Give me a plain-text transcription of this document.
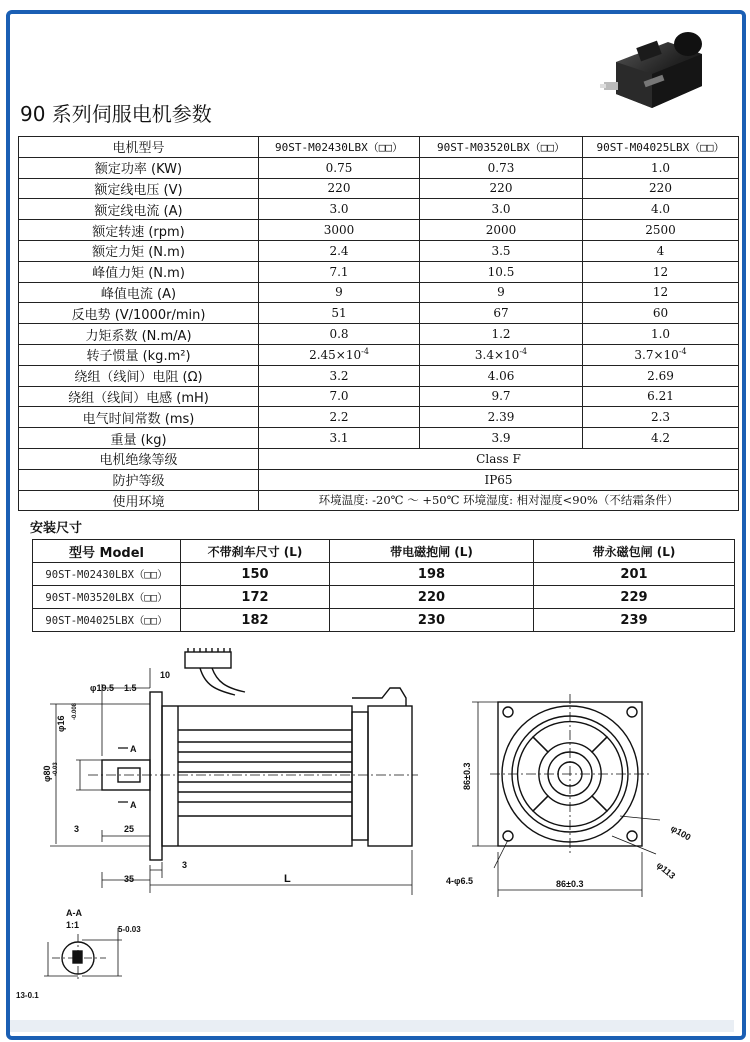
90 系列伺服电机参数
电机型号	90ST-M02430LBX（□□）	90ST-M03520LBX（□□）	90ST-M04025LBX（□□）
额定功率 (KW)	0.75	0.73	1.0
额定线电压 (V)	220	220	220
额定线电流 (A)	3.0	3.0	4.0
额定转速 (rpm)	3000	2000	2500
额定力矩 (N.m)	2.4	3.5	4
峰值力矩 (N.m)	7.1	10.5	12
峰值电流 (A)	9	9	12
反电势 (V/1000r/min)	51	67	60
力矩系数 (N.m/A)	0.8	1.2	1.0
转子惯量 (kg.m²)	$2.45\times 10^{-4}$	$3.4\times 10^{-4}$	$3.7\times 10^{-4}$
绕组（线间）电阻 (Ω)	3.2	4.06	2.69
绕组（线间）电感 (mH)	7.0	9.7	6.21
电气时间常数 (ms)	2.2	2.39	2.3
重量 (kg)	3.1	3.9	4.2
电机绝缘等级	Class F		
防护等级	IP65		
使用环境	环境温度: -20℃ ～ +50℃ 环境湿度: 相对湿度<90%（不结霜条件）		
安装尺寸
型号 Model	不带刹车尺寸 (L)	带电磁抱闸 (L)	带永磁包闸 (L)
90ST-M02430LBX（□□）	150	198	201
90ST-M03520LBX（□□）	172	220	229
90ST-M04025LBX（□□）	182	230	239
φ19.5 1.5
10
φ16
-0.008
φ80 -0.03
A
A
3	25
3
35	L
86±0.3
86±0.3
4-φ6.5
φ100
φ113
A-A
1:1	5-0.03
13-0.1
